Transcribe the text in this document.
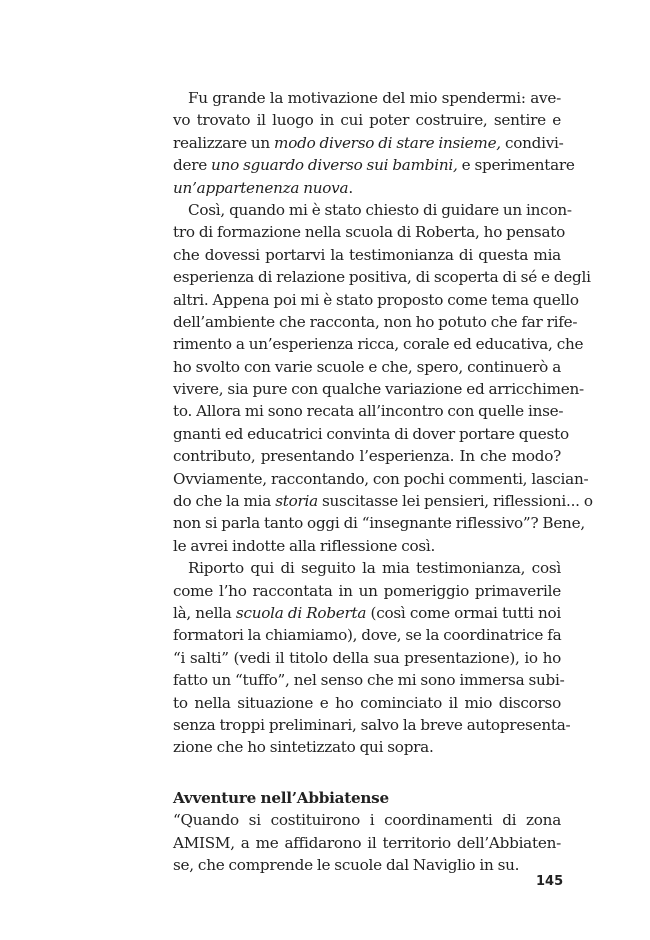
Fu grande la motivazione del mio spendermi: ave-
vo trovato il luogo in cui poter costruire, sentire e
realizzare un modo diverso di stare insieme, condivi-
dere uno sguardo diverso sui bambini, e sperimentare
un’appartenenza nuova.
Così, quando mi è stato chiesto di guidare un incon-
tro di formazione nella scuola di Roberta, ho pensato
che dovessi portarvi la testimonianza di questa mia
esperienza di relazione positiva, di scoperta di sé e degli
altri. Appena poi mi è stato proposto come tema quello
dell’ambiente che racconta, non ho potuto che far rife-
rimento a un’esperienza ricca, corale ed educativa, che
ho svolto con varie scuole e che, spero, continuerò a
vivere, sia pure con qualche variazione ed arricchimen-
to. Allora mi sono recata all’incontro con quelle inse-
gnanti ed educatrici convinta di dover portare questo
contributo, presentando l’esperienza. In che modo?
Ovviamente, raccontando, con pochi commenti, lascian-
do che la mia storia suscitasse lei pensieri, riflessioni... o
non si parla tanto oggi di “insegnante riflessivo”? Bene,
le avrei indotte alla riflessione così.
Riporto qui di seguito la mia testimonianza, così
come l’ho raccontata in un pomeriggio primaverile
là, nella scuola di Roberta (così come ormai tutti noi
formatori la chiamiamo), dove, se la coordinatrice fa
“i salti” (vedi il titolo della sua presentazione), io ho
fatto un “tuffo”, nel senso che mi sono immersa subi-
to nella situazione e ho cominciato il mio discorso
senza troppi preliminari, salvo la breve autopresenta-
zione che ho sintetizzato qui sopra.
Avventure nell’Abbiatense
“Quando si costituirono i coordinamenti di zona
AMISM, a me affidarono il territorio dell’Abbiaten-
se, che comprende le scuole dal Naviglio in su.
145
